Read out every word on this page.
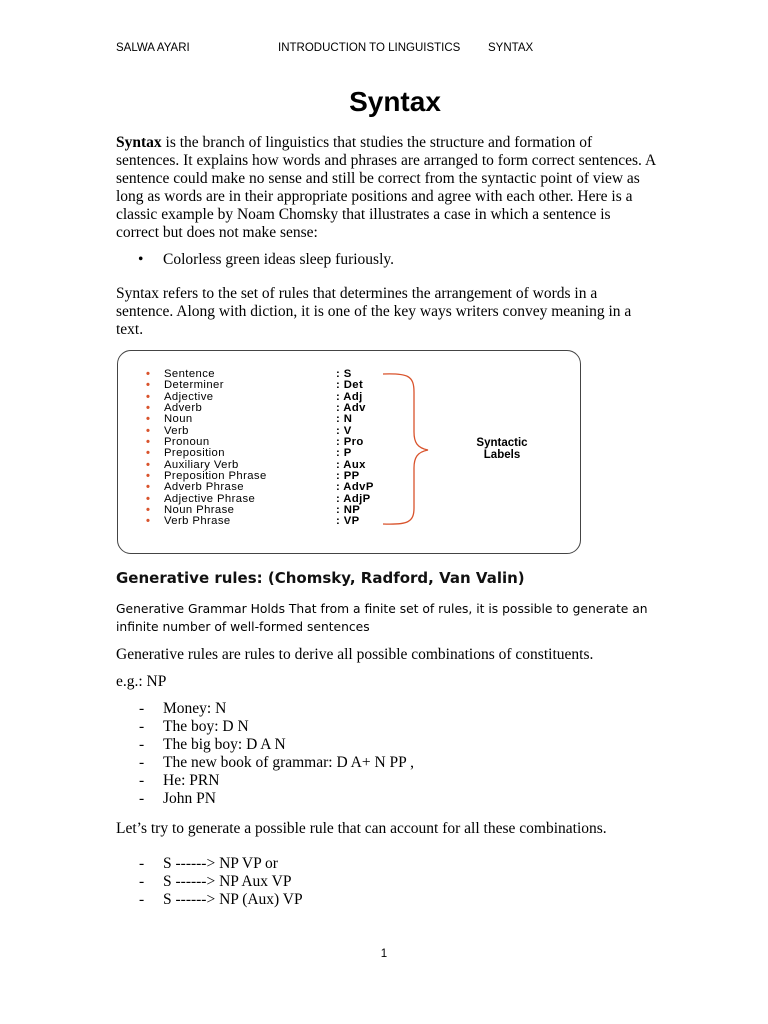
SALWA AYARI	INTRODUCTION TO LINGUISTICS SYNTAX
Syntax

Syntax is the branch of linguistics that studies the structure and formation of sentences. It explains how words and phrases are arranged to form correct sentences. A sentence could make no sense and still be correct from the syntactic point of view as long as words are in their appropriate positions and agree with each other. Here is a classic example by Noam Chomsky that illustrates a case in which a sentence is correct but does not make sense:

• Colorless green ideas sleep furiously.

Syntax refers to the set of rules that determines the arrangement of words in a sentence. Along with diction, it is one of the key ways writers convey meaning in a text.

• Sentence	: S
• Determiner	: Det
• Adjective	: Adj
• Adverb	: Adv
• Noun	: N
• Verb	: V
• Pronoun	: Pro
• Preposition	: P
• Auxiliary Verb	: Aux
• Preposition Phrase	: PP
• Adverb Phrase	: AdvP
• Adjective Phrase	: AdjP
• Noun Phrase	: NP
• Verb Phrase	: VP
Syntactic
Labels
Generative rules: (Chomsky, Radford, Van Valin)
Generative Grammar Holds That from a finite set of rules, it is possible to generate an infinite number of well-formed sentences

Generative rules are rules to derive all possible combinations of constituents.

e.g.: NP

- Money: N
- The boy: D N
- The big boy: D A N
- The new book of grammar: D A+ N PP ,
- He: PRN
- John PN

Let’s try to generate a possible rule that can account for all these combinations.

- S ------> NP VP or
- S ------> NP Aux VP
- S ------> NP (Aux) VP
1
